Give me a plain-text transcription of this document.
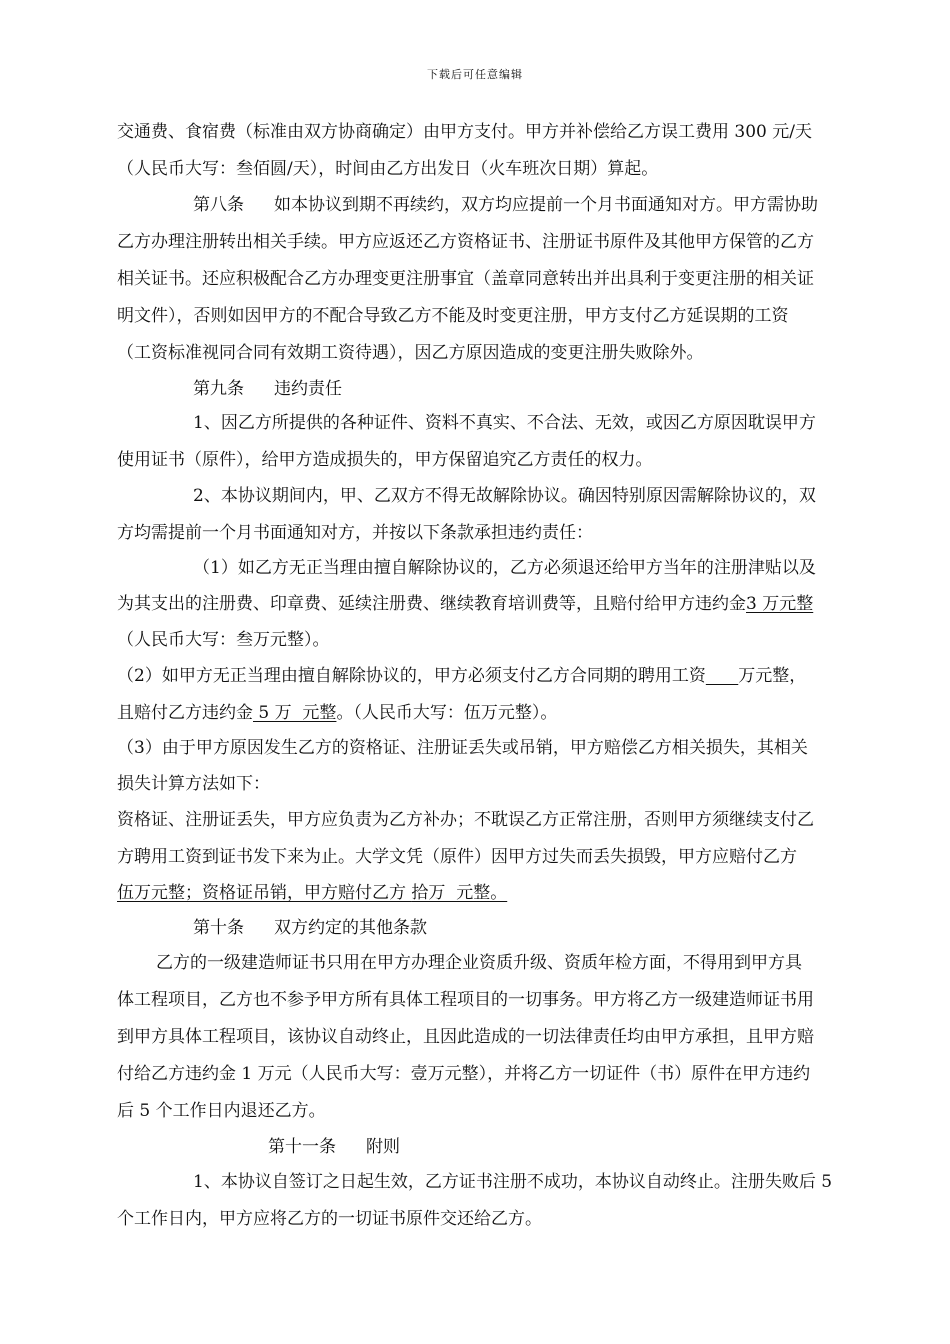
下载后可任意编辑
交通费、食宿费（标准由双方协商确定）由甲方支付。甲方并补偿给乙方误工费用 300 元/天
（人民币大写：叁佰圆/天），时间由乙方出发日（火车班次日期）算起。
第八条 如本协议到期不再续约，双方均应提前一个月书面通知对方。甲方需协助
乙方办理注册转出相关手续。甲方应返还乙方资格证书、注册证书原件及其他甲方保管的乙方
相关证书。还应积极配合乙方办理变更注册事宜（盖章同意转出并出具利于变更注册的相关证
明文件），否则如因甲方的不配合导致乙方不能及时变更注册，甲方支付乙方延误期的工资
（工资标准视同合同有效期工资待遇），因乙方原因造成的变更注册失败除外。
第九条 违约责任
1、因乙方所提供的各种证件、资料不真实、不合法、无效，或因乙方原因耽误甲方
使用证书（原件），给甲方造成损失的，甲方保留追究乙方责任的权力。
2、本协议期间内，甲、乙双方不得无故解除协议。确因特别原因需解除协议的，双
方均需提前一个月书面通知对方，并按以下条款承担违约责任：
（1）如乙方无正当理由擅自解除协议的，乙方必须退还给甲方当年的注册津贴以及
为其支出的注册费、印章费、延续注册费、继续教育培训费等，且赔付给甲方违约金3 万元整
（人民币大写：叁万元整）。
（2）如甲方无正当理由擅自解除协议的，甲方必须支付乙方合同期的聘用工资 万元整，
且赔付乙方违约金 5 万  元整。（人民币大写：伍万元整）。
（3）由于甲方原因发生乙方的资格证、注册证丢失或吊销，甲方赔偿乙方相关损失，其相关
损失计算方法如下：
资格证、注册证丢失，甲方应负责为乙方补办；不耽误乙方正常注册，否则甲方须继续支付乙
方聘用工资到证书发下来为止。大学文凭（原件）因甲方过失而丢失损毁，甲方应赔付乙方
伍万元整；资格证吊销，甲方赔付乙方 拾万  元整。
第十条 双方约定的其他条款
乙方的一级建造师证书只用在甲方办理企业资质升级、资质年检方面，不得用到甲方具
体工程项目，乙方也不参予甲方所有具体工程项目的一切事务。甲方将乙方一级建造师证书用
到甲方具体工程项目，该协议自动终止，且因此造成的一切法律责任均由甲方承担，且甲方赔
付给乙方违约金 1 万元（人民币大写：壹万元整），并将乙方一切证件（书）原件在甲方违约
后 5 个工作日内退还乙方。
第十一条 附则
1、本协议自签订之日起生效，乙方证书注册不成功，本协议自动终止。注册失败后 5
个工作日内，甲方应将乙方的一切证书原件交还给乙方。
